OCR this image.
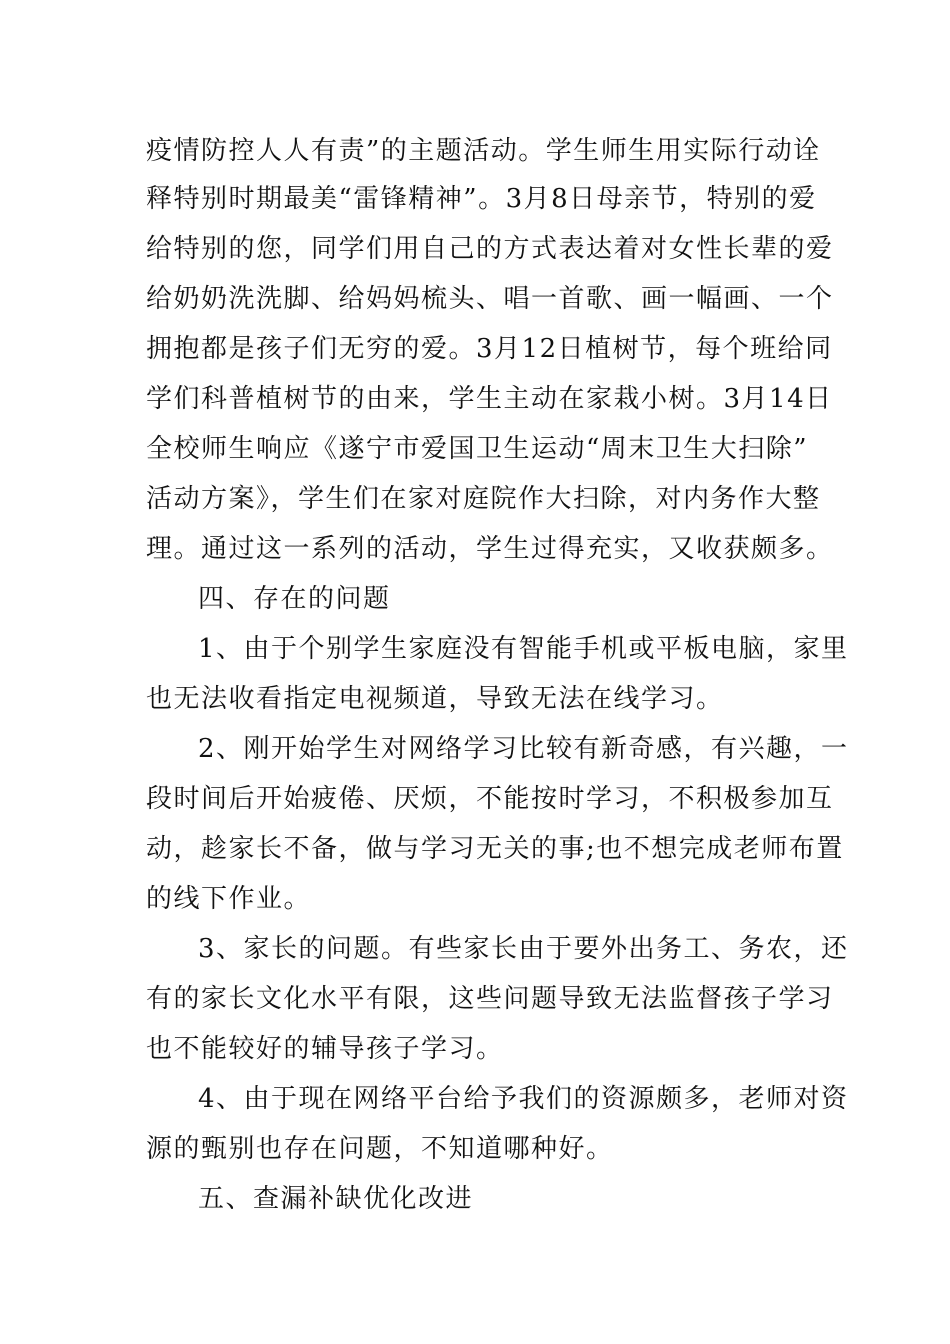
疫情防控人人有责”的主题活动。学生师生用实际行动诠
释特别时期最美“雷锋精神”。3月8日母亲节，特别的爱
给特别的您，同学们用自己的方式表达着对女性长辈的爱
给奶奶洗洗脚、给妈妈梳头、唱一首歌、画一幅画、一个
拥抱都是孩子们无穷的爱。3月12日植树节，每个班给同
学们科普植树节的由来，学生主动在家栽小树。3月14日
全校师生响应《遂宁市爱国卫生运动“周末卫生大扫除”
活动方案》，学生们在家对庭院作大扫除，对内务作大整
理。通过这一系列的活动，学生过得充实，又收获颇多。
四、存在的问题
1、由于个别学生家庭没有智能手机或平板电脑，家里
也无法收看指定电视频道，导致无法在线学习。
2、刚开始学生对网络学习比较有新奇感，有兴趣，一
段时间后开始疲倦、厌烦，不能按时学习，不积极参加互
动，趁家长不备，做与学习无关的事;也不想完成老师布置
的线下作业。
3、家长的问题。有些家长由于要外出务工、务农，还
有的家长文化水平有限，这些问题导致无法监督孩子学习
也不能较好的辅导孩子学习。
4、由于现在网络平台给予我们的资源颇多，老师对资
源的甄别也存在问题，不知道哪种好。
五、查漏补缺优化改进
